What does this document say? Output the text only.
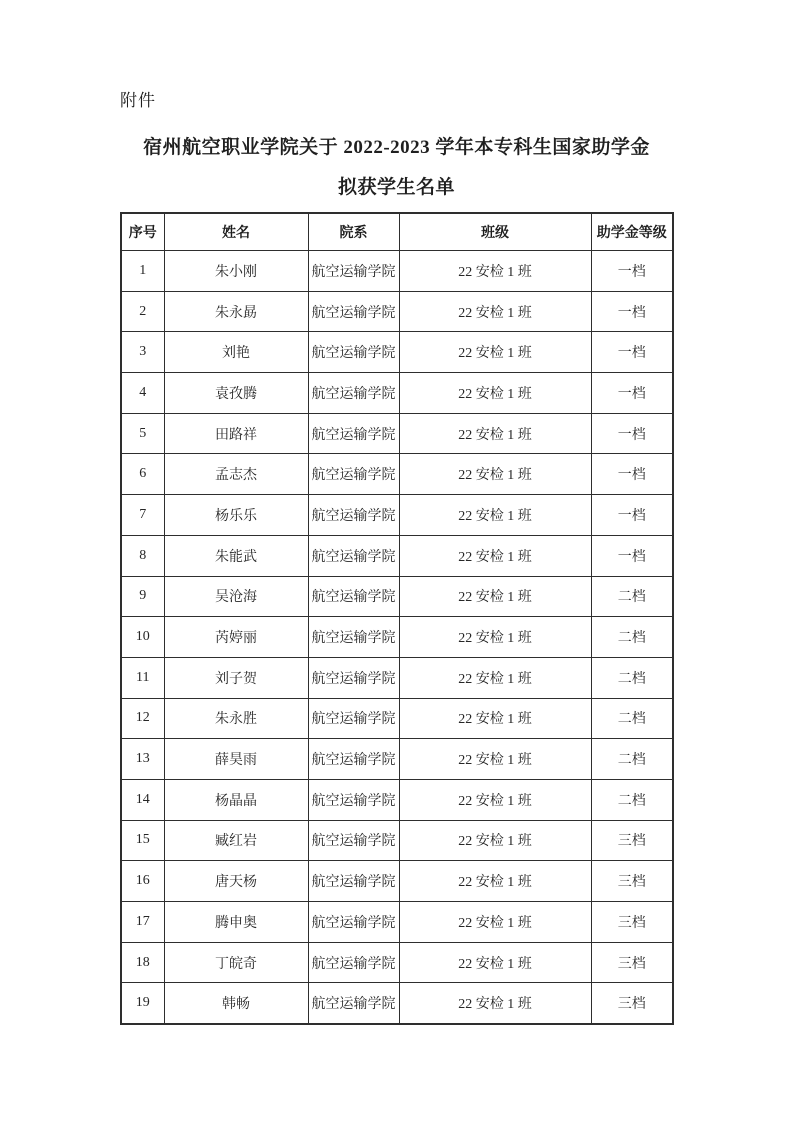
附件
宿州航空职业学院关于 2022-2023 学年本专科生国家助学金
拟获学生名单
序号	姓名	院系	班级	助学金等级
1	朱小刚	航空运输学院	22 安检 1 班	一档
2	朱永勗	航空运输学院	22 安检 1 班	一档
3	刘艳	航空运输学院	22 安检 1 班	一档
4	袁孜腾	航空运输学院	22 安检 1 班	一档
5	田路祥	航空运输学院	22 安检 1 班	一档
6	孟志杰	航空运输学院	22 安检 1 班	一档
7	杨乐乐	航空运输学院	22 安检 1 班	一档
8	朱能武	航空运输学院	22 安检 1 班	一档
9	吴沧海	航空运输学院	22 安检 1 班	二档
10	芮婷丽	航空运输学院	22 安检 1 班	二档
11	刘子贺	航空运输学院	22 安检 1 班	二档
12	朱永胜	航空运输学院	22 安检 1 班	二档
13	薛昊雨	航空运输学院	22 安检 1 班	二档
14	杨晶晶	航空运输学院	22 安检 1 班	二档
15	臧红岩	航空运输学院	22 安检 1 班	三档
16	唐天杨	航空运输学院	22 安检 1 班	三档
17	腾申奥	航空运输学院	22 安检 1 班	三档
18	丁皖奇	航空运输学院	22 安检 1 班	三档
19	韩畅	航空运输学院	22 安检 1 班	三档
